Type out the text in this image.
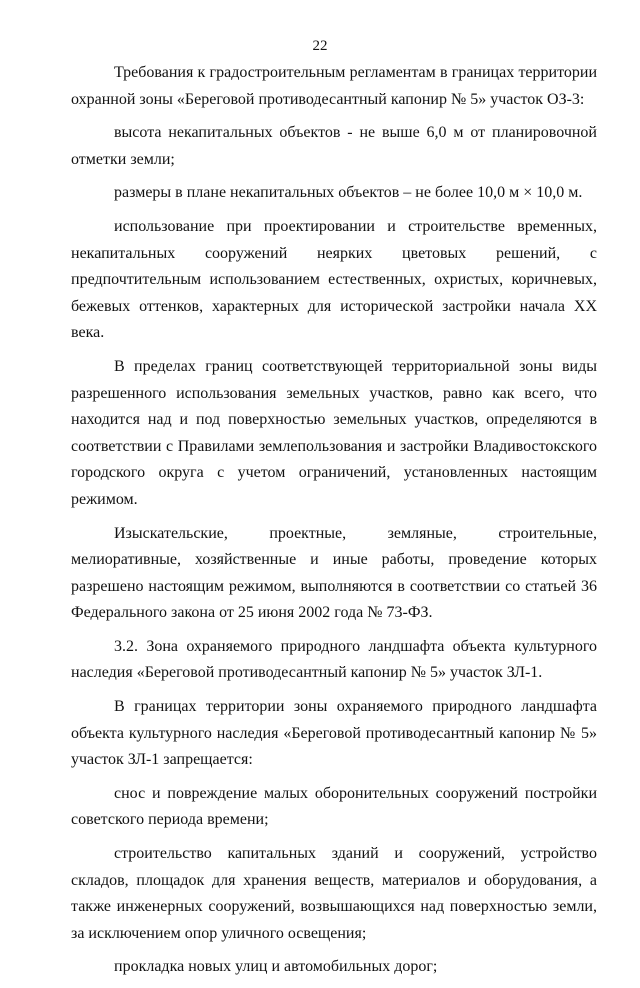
22

Требования к градостроительным регламентам в границах территории охранной зоны «Береговой противодесантный капонир № 5» участок ОЗ-3:

высота некапитальных объектов - не выше 6,0 м от планировочной отметки земли;

размеры в плане некапитальных объектов – не более 10,0 м × 10,0 м.

использование при проектировании и строительстве временных, некапитальных сооружений неярких цветовых решений, с предпочтительным использованием естественных, охристых, коричневых, бежевых оттенков, характерных для исторической застройки начала XX века.

В пределах границ соответствующей территориальной зоны виды разрешенного использования земельных участков, равно как всего, что находится над и под поверхностью земельных участков, определяются в соответствии с Правилами землепользования и застройки Владивостокского городского округа с учетом ограничений, установленных настоящим режимом.

Изыскательские, проектные, земляные, строительные, мелиоративные, хозяйственные и иные работы, проведение которых разрешено настоящим режимом, выполняются в соответствии со статьей 36 Федерального закона от 25 июня 2002 года № 73-ФЗ.

3.2. Зона охраняемого природного ландшафта объекта культурного наследия «Береговой противодесантный капонир № 5» участок ЗЛ-1.

В границах территории зоны охраняемого природного ландшафта объекта культурного наследия «Береговой противодесантный капонир № 5» участок ЗЛ-1 запрещается:

снос и повреждение малых оборонительных сооружений постройки советского периода времени;

строительство капитальных зданий и сооружений, устройство складов, площадок для хранения веществ, материалов и оборудования, а также инженерных сооружений, возвышающихся над поверхностью земли, за исключением опор уличного освещения;

прокладка новых улиц и автомобильных дорог;
